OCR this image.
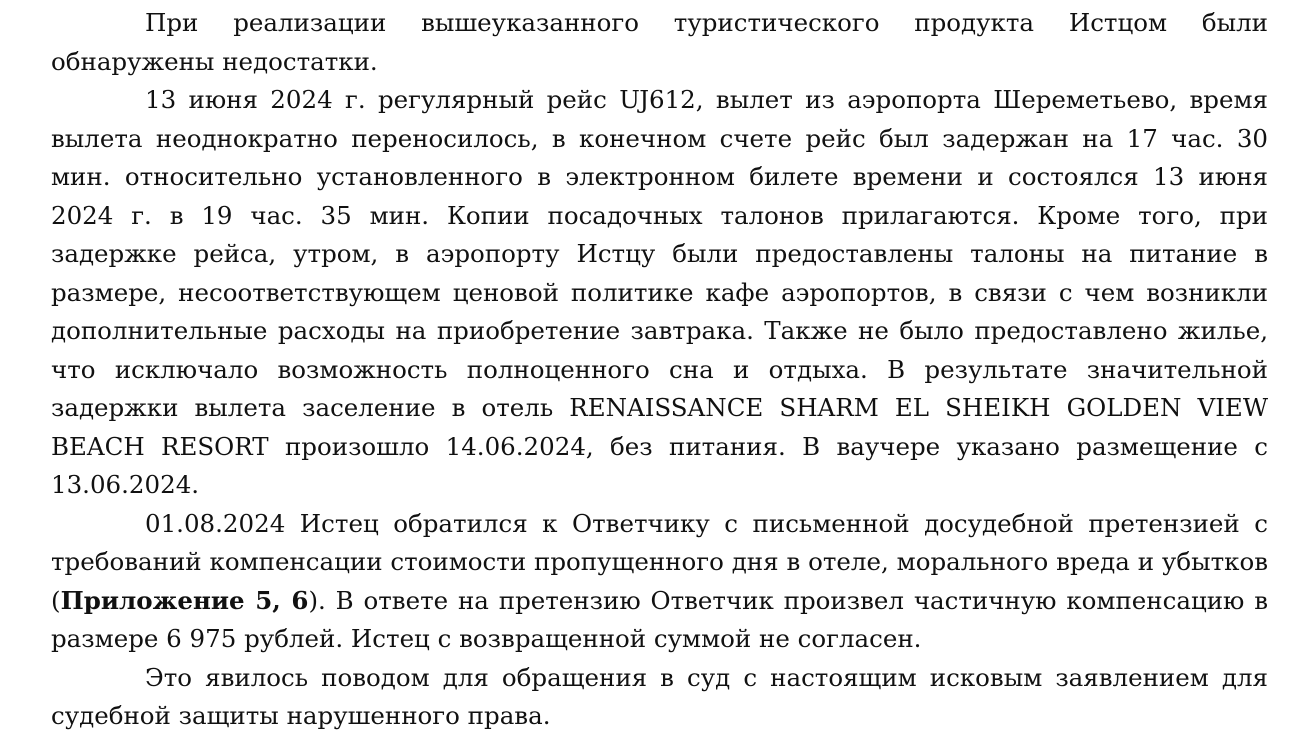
При реализации вышеуказанного туристического продукта Истцом были обнаружены недостатки.

13 июня 2024 г. регулярный рейс UJ612, вылет из аэропорта Шереметьево, время вылета неоднократно переносилось, в конечном счете рейс был задержан на 17 час. 30 мин. относительно установленного в электронном билете времени и состоялся 13 июня 2024 г. в 19 час. 35 мин. Копии посадочных талонов прилагаются. Кроме того, при задержке рейса, утром, в аэропорту Истцу были предоставлены талоны на питание в размере, несоответствующем ценовой политике кафе аэропортов, в связи с чем возникли дополнительные расходы на приобретение завтрака. Также не было предоставлено жилье, что исключало возможность полноценного сна и отдыха. В результате значительной задержки вылета заселение в отель RENAISSANCE SHARM EL SHEIKH GOLDEN VIEW BEACH RESORT произошло 14.06.2024, без питания. В ваучере указано размещение с 13.06.2024.

01.08.2024 Истец обратился к Ответчику с письменной досудебной претензией с требований компенсации стоимости пропущенного дня в отеле, морального вреда и убытков (Приложение 5, 6). В ответе на претензию Ответчик произвел частичную компенсацию в размере 6 975 рублей. Истец с возвращенной суммой не согласен.

Это явилось поводом для обращения в суд с настоящим исковым заявлением для судебной защиты нарушенного права.
